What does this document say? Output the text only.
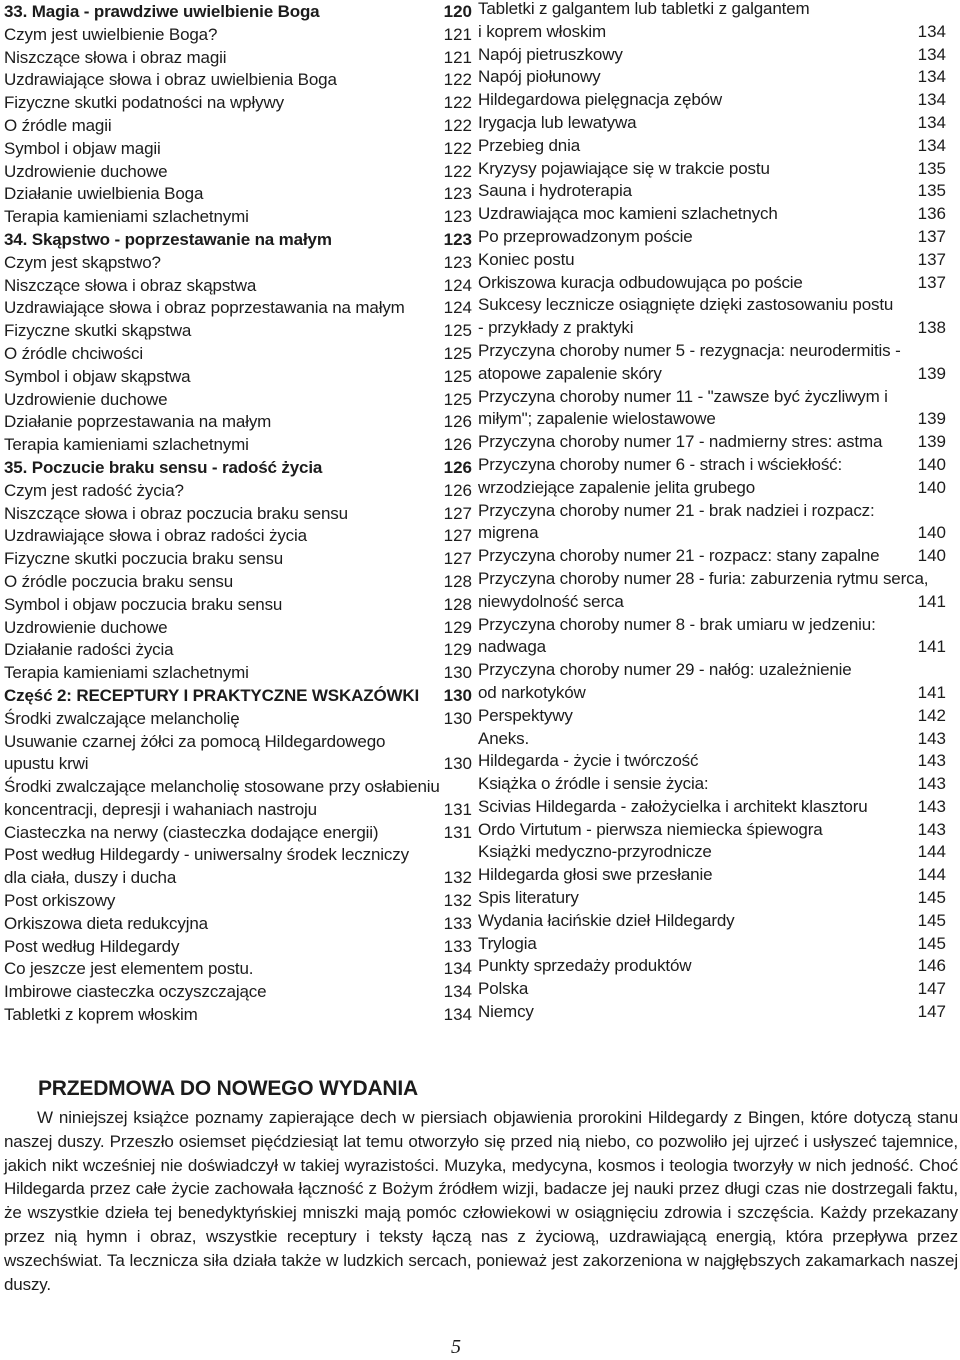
33. Magia - prawdziwe uwielbienie Boga	120
Czym jest uwielbienie Boga?	121
Niszczące słowa i obraz magii	121
Uzdrawiające słowa i obraz uwielbienia Boga	122
Fizyczne skutki podatności na wpływy	122
O źródle magii	122
Symbol i objaw magii	122
Uzdrowienie duchowe	122
Działanie uwielbienia Boga	123
Terapia kamieniami szlachetnymi	123
34. Skąpstwo - poprzestawanie na małym	123
Czym jest skąpstwo?	123
Niszczące słowa i obraz skąpstwa	124
Uzdrawiające słowa i obraz poprzestawania na małym 124
Fizyczne skutki skąpstwa	125
O źródle chciwości	125
Symbol i objaw skąpstwa	125
Uzdrowienie duchowe	125
Działanie poprzestawania na małym	126
Terapia kamieniami szlachetnymi	126
35. Poczucie braku sensu - radość życia	126
Czym jest radość życia?	126
Niszczące słowa i obraz poczucia braku sensu	127
Uzdrawiające słowa i obraz radości życia	127
Fizyczne skutki poczucia braku sensu	127
O źródle poczucia braku sensu	128
Symbol i objaw poczucia braku sensu	128
Uzdrowienie duchowe	129
Działanie radości życia	129
Terapia kamieniami szlachetnymi	130
Część 2: RECEPTURY I PRAKTYCZNE WSKAZÓWKI 130
Środki zwalczające melancholię	130
Usuwanie czarnej żółci za pomocą Hildegardowego
upustu krwi	130
Środki zwalczające melancholię stosowane przy osłabieniu
koncentracji, depresji i wahaniach nastroju	131
Ciasteczka na nerwy (ciasteczka dodające energii)	131
Post według Hildegardy - uniwersalny środek leczniczy
dla ciała, duszy i ducha	132
Post orkiszowy	132
Orkiszowa dieta redukcyjna	133
Post według Hildegardy	133
Co jeszcze jest elementem postu.	134
Imbirowe ciasteczka oczyszczające	134
Tabletki z koprem włoskim	134
Tabletki z galgantem lub tabletki z galgantem
i koprem włoskim	134
Napój pietruszkowy	134
Napój piołunowy	134
Hildegardowa pielęgnacja zębów	134
Irygacja lub lewatywa	134
Przebieg dnia	134
Kryzysy pojawiające się w trakcie postu	135
Sauna i hydroterapia	135
Uzdrawiająca moc kamieni szlachetnych	136
Po przeprowadzonym poście	137
Koniec postu	137
Orkiszowa kuracja odbudowująca po poście	137
Sukcesy lecznicze osiągnięte dzięki zastosowaniu postu
- przykłady z praktyki	138
Przyczyna choroby numer 5 - rezygnacja: neurodermitis -
atopowe zapalenie skóry	139
Przyczyna choroby numer 11 - "zawsze być życzliwym i
miłym"; zapalenie wielostawowe	139
Przyczyna choroby numer 17 - nadmierny stres: astma 139
Przyczyna choroby numer 6 - strach i wściekłość:	140
wrzodziejące zapalenie jelita grubego	140
Przyczyna choroby numer 21 - brak nadziei i rozpacz:
migrena	140
Przyczyna choroby numer 21 - rozpacz: stany zapalne 140
Przyczyna choroby numer 28 - furia: zaburzenia rytmu serca,
niewydolność serca	141
Przyczyna choroby numer 8 - brak umiaru w jedzeniu:
nadwaga	141
Przyczyna choroby numer 29 - nałóg: uzależnienie
od narkotyków	141
Perspektywy	142
Aneks.	143
Hildegarda - życie i twórczość	143
Książka o źródle i sensie życia:	143
Scivias Hildegarda - założycielka i architekt klasztoru	143
Ordo Virtutum - pierwsza niemiecka śpiewogra	143
Książki medyczno-przyrodnicze	144
Hildegarda głosi swe przesłanie	144
Spis literatury	145
Wydania łacińskie dzieł Hildegardy	145
Trylogia	145
Punkty sprzedaży produktów	146
Polska	147
Niemcy	147
PRZEDMOWA DO NOWEGO WYDANIA

W niniejszej książce poznamy zapierające dech w piersiach objawienia prorokini Hildegardy z Bingen, które dotyczą stanu naszej duszy. Przeszło osiemset pięćdziesiąt lat temu otworzyło się przed nią niebo, co pozwoliło jej ujrzeć i usłyszeć tajemnice, jakich nikt wcześniej nie doświadczył w takiej wyrazistości. Muzyka, medycyna, kosmos i teologia tworzyły w nich jedność. Choć Hildegarda przez całe życie zachowała łączność z Bożym źródłem wizji, badacze jej nauki przez długi czas nie dostrzegali faktu, że wszystkie dzieła tej benedyktyńskiej mniszki mają pomóc człowiekowi w osiągnięciu zdrowia i szczęścia. Każdy przekazany przez nią hymn i obraz, wszystkie receptury i teksty łączą nas z życiową, uzdrawiającą energią, która przepływa przez wszechświat. Ta lecznicza siła działa także w ludzkich sercach, ponieważ jest zakorzeniona w najgłębszych zakamarkach naszej duszy.

5
